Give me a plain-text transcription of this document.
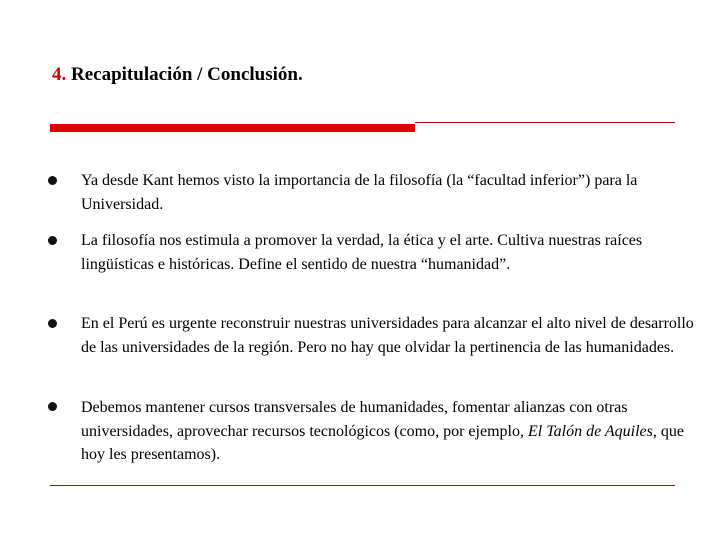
4. Recapitulación / Conclusión.
Ya desde Kant hemos visto la importancia de la filosofía (la “facultad inferior”) para la Universidad.
La filosofía nos estimula a promover la verdad, la ética y el arte. Cultiva nuestras raíces lingüísticas e históricas. Define el sentido de nuestra “humanidad”.
En el Perú es urgente reconstruir nuestras universidades para alcanzar el alto nivel de desarrollo de las universidades de la región. Pero no hay que olvidar la pertinencia de las humanidades.
Debemos mantener cursos transversales de humanidades, fomentar alianzas con otras universidades, aprovechar recursos tecnológicos (como, por ejemplo, El Talón de Aquiles, que hoy les presentamos).
